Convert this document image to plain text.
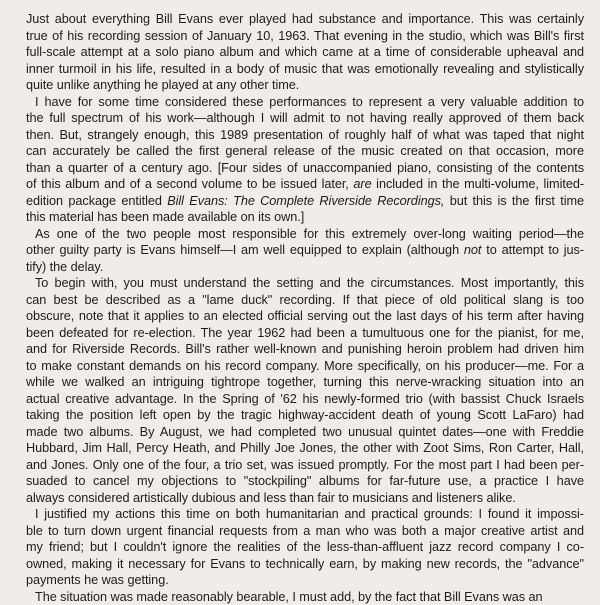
Just about everything Bill Evans ever played had substance and importance. This was certainly
true of his recording session of January 10, 1963. That evening in the studio, which was Bill's first
full-scale attempt at a solo piano album and which came at a time of considerable upheaval and
inner turmoil in his life, resulted in a body of music that was emotionally revealing and stylistically
quite unlike anything he played at any other time.
I have for some time considered these performances to represent a very valuable addition to
the full spectrum of his work—although I will admit to not having really approved of them back
then. But, strangely enough, this 1989 presentation of roughly half of what was taped that night
can accurately be called the first general release of the music created on that occasion, more
than a quarter of a century ago. [Four sides of unaccompanied piano, consisting of the contents
of this album and of a second volume to be issued later, are included in the multi-volume, limited-
edition package entitled Bill Evans: The Complete Riverside Recordings, but this is the first time
this material has been made available on its own.]
As one of the two people most responsible for this extremely over-long waiting period—the
other guilty party is Evans himself—I am well equipped to explain (although not to attempt to jus-
tify) the delay.
To begin with, you must understand the setting and the circumstances. Most importantly, this
can best be described as a "lame duck" recording. If that piece of old political slang is too
obscure, note that it applies to an elected official serving out the last days of his term after having
been defeated for re-election. The year 1962 had been a tumultuous one for the pianist, for me,
and for Riverside Records. Bill's rather well-known and punishing heroin problem had driven him
to make constant demands on his record company. More specifically, on his producer—me. For a
while we walked an intriguing tightrope together, turning this nerve-wracking situation into an
actual creative advantage. In the Spring of '62 his newly-formed trio (with bassist Chuck Israels
taking the position left open by the tragic highway-accident death of young Scott LaFaro) had
made two albums. By August, we had completed two unusual quintet dates—one with Freddie
Hubbard, Jim Hall, Percy Heath, and Philly Joe Jones, the other with Zoot Sims, Ron Carter, Hall,
and Jones. Only one of the four, a trio set, was issued promptly. For the most part I had been per-
suaded to cancel my objections to "stockpiling" albums for far-future use, a practice I have
always considered artistically dubious and less than fair to musicians and listeners alike.
I justified my actions this time on both humanitarian and practical grounds: I found it impossi-
ble to turn down urgent financial requests from a man who was both a major creative artist and
my friend; but I couldn't ignore the realities of the less-than-affluent jazz record company I co-
owned, making it necessary for Evans to technically earn, by making new records, the "advance"
payments he was getting.
The situation was made reasonably bearable, I must add, by the fact that Bill Evans was an
